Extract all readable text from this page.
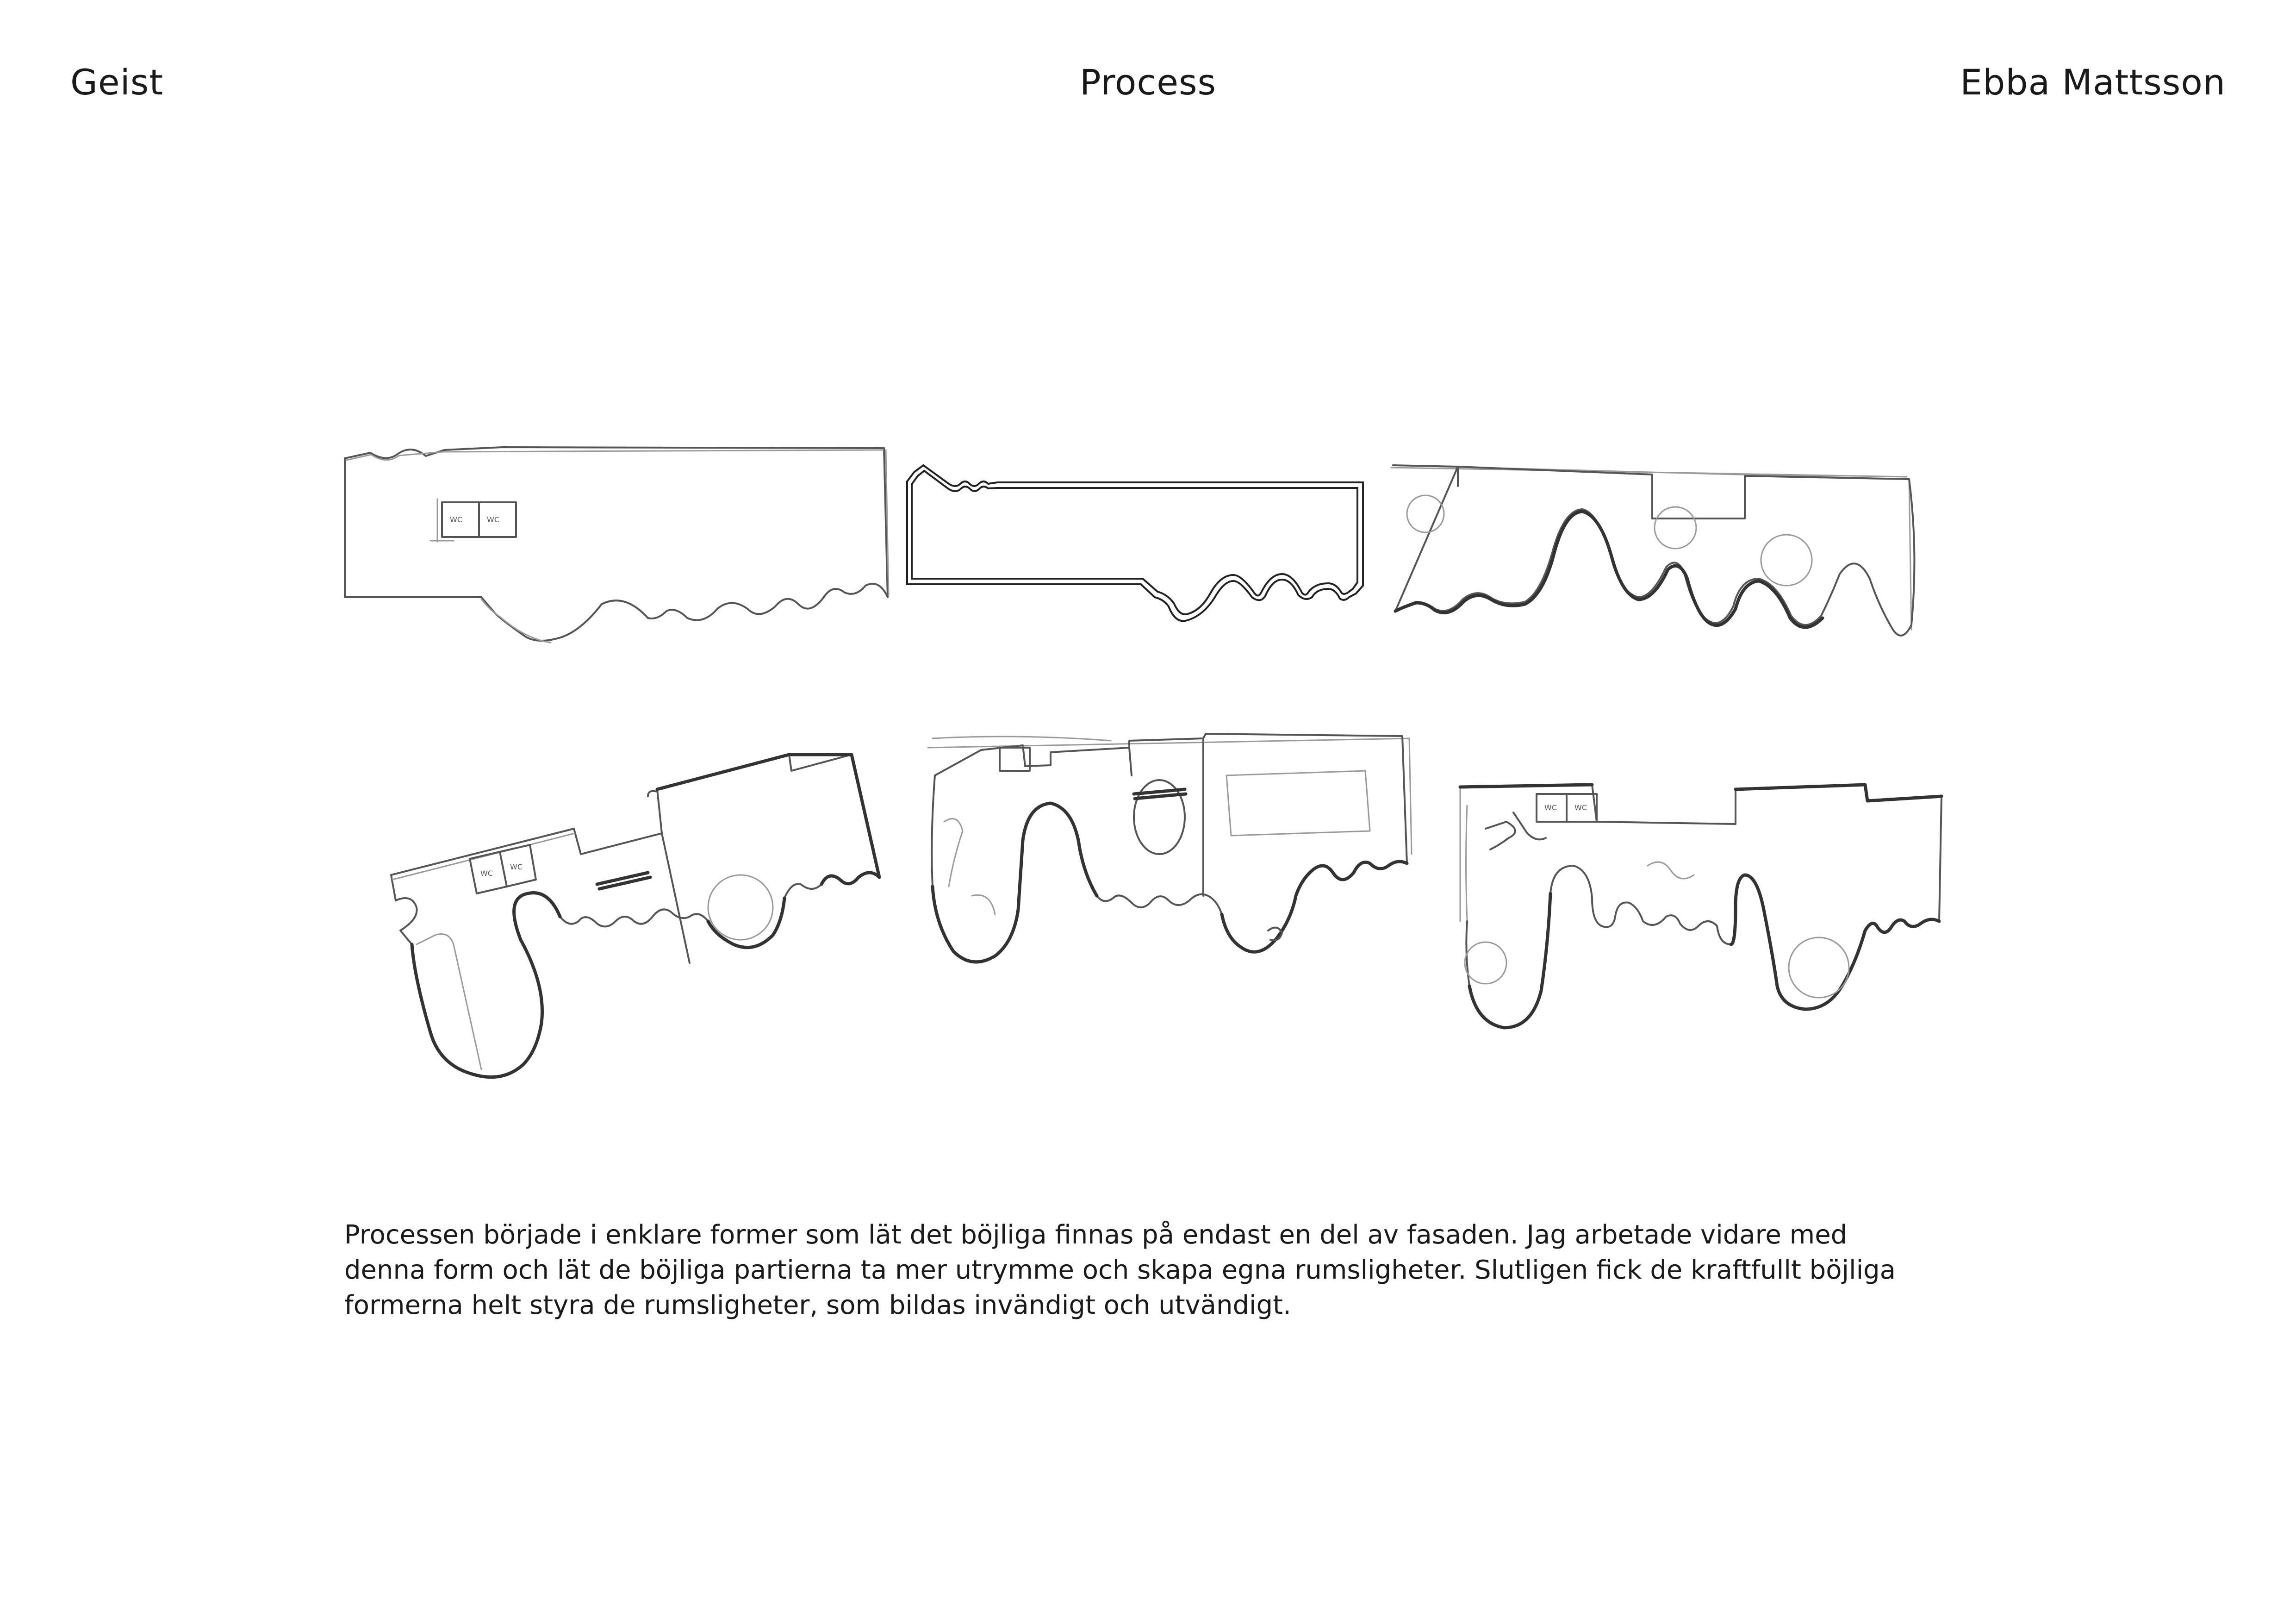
Geist	Process	Ebba Mattsson
WC	WC
WC
WC
WC WC
Processen började i enklare former som lät det böjliga finnas på endast en del av fasaden. Jag arbetade vidare med
denna form och lät de böjliga partierna ta mer utrymme och skapa egna rumsligheter. Slutligen fick de kraftfullt böjliga
formerna helt styra de rumsligheter, som bildas invändigt och utvändigt.
